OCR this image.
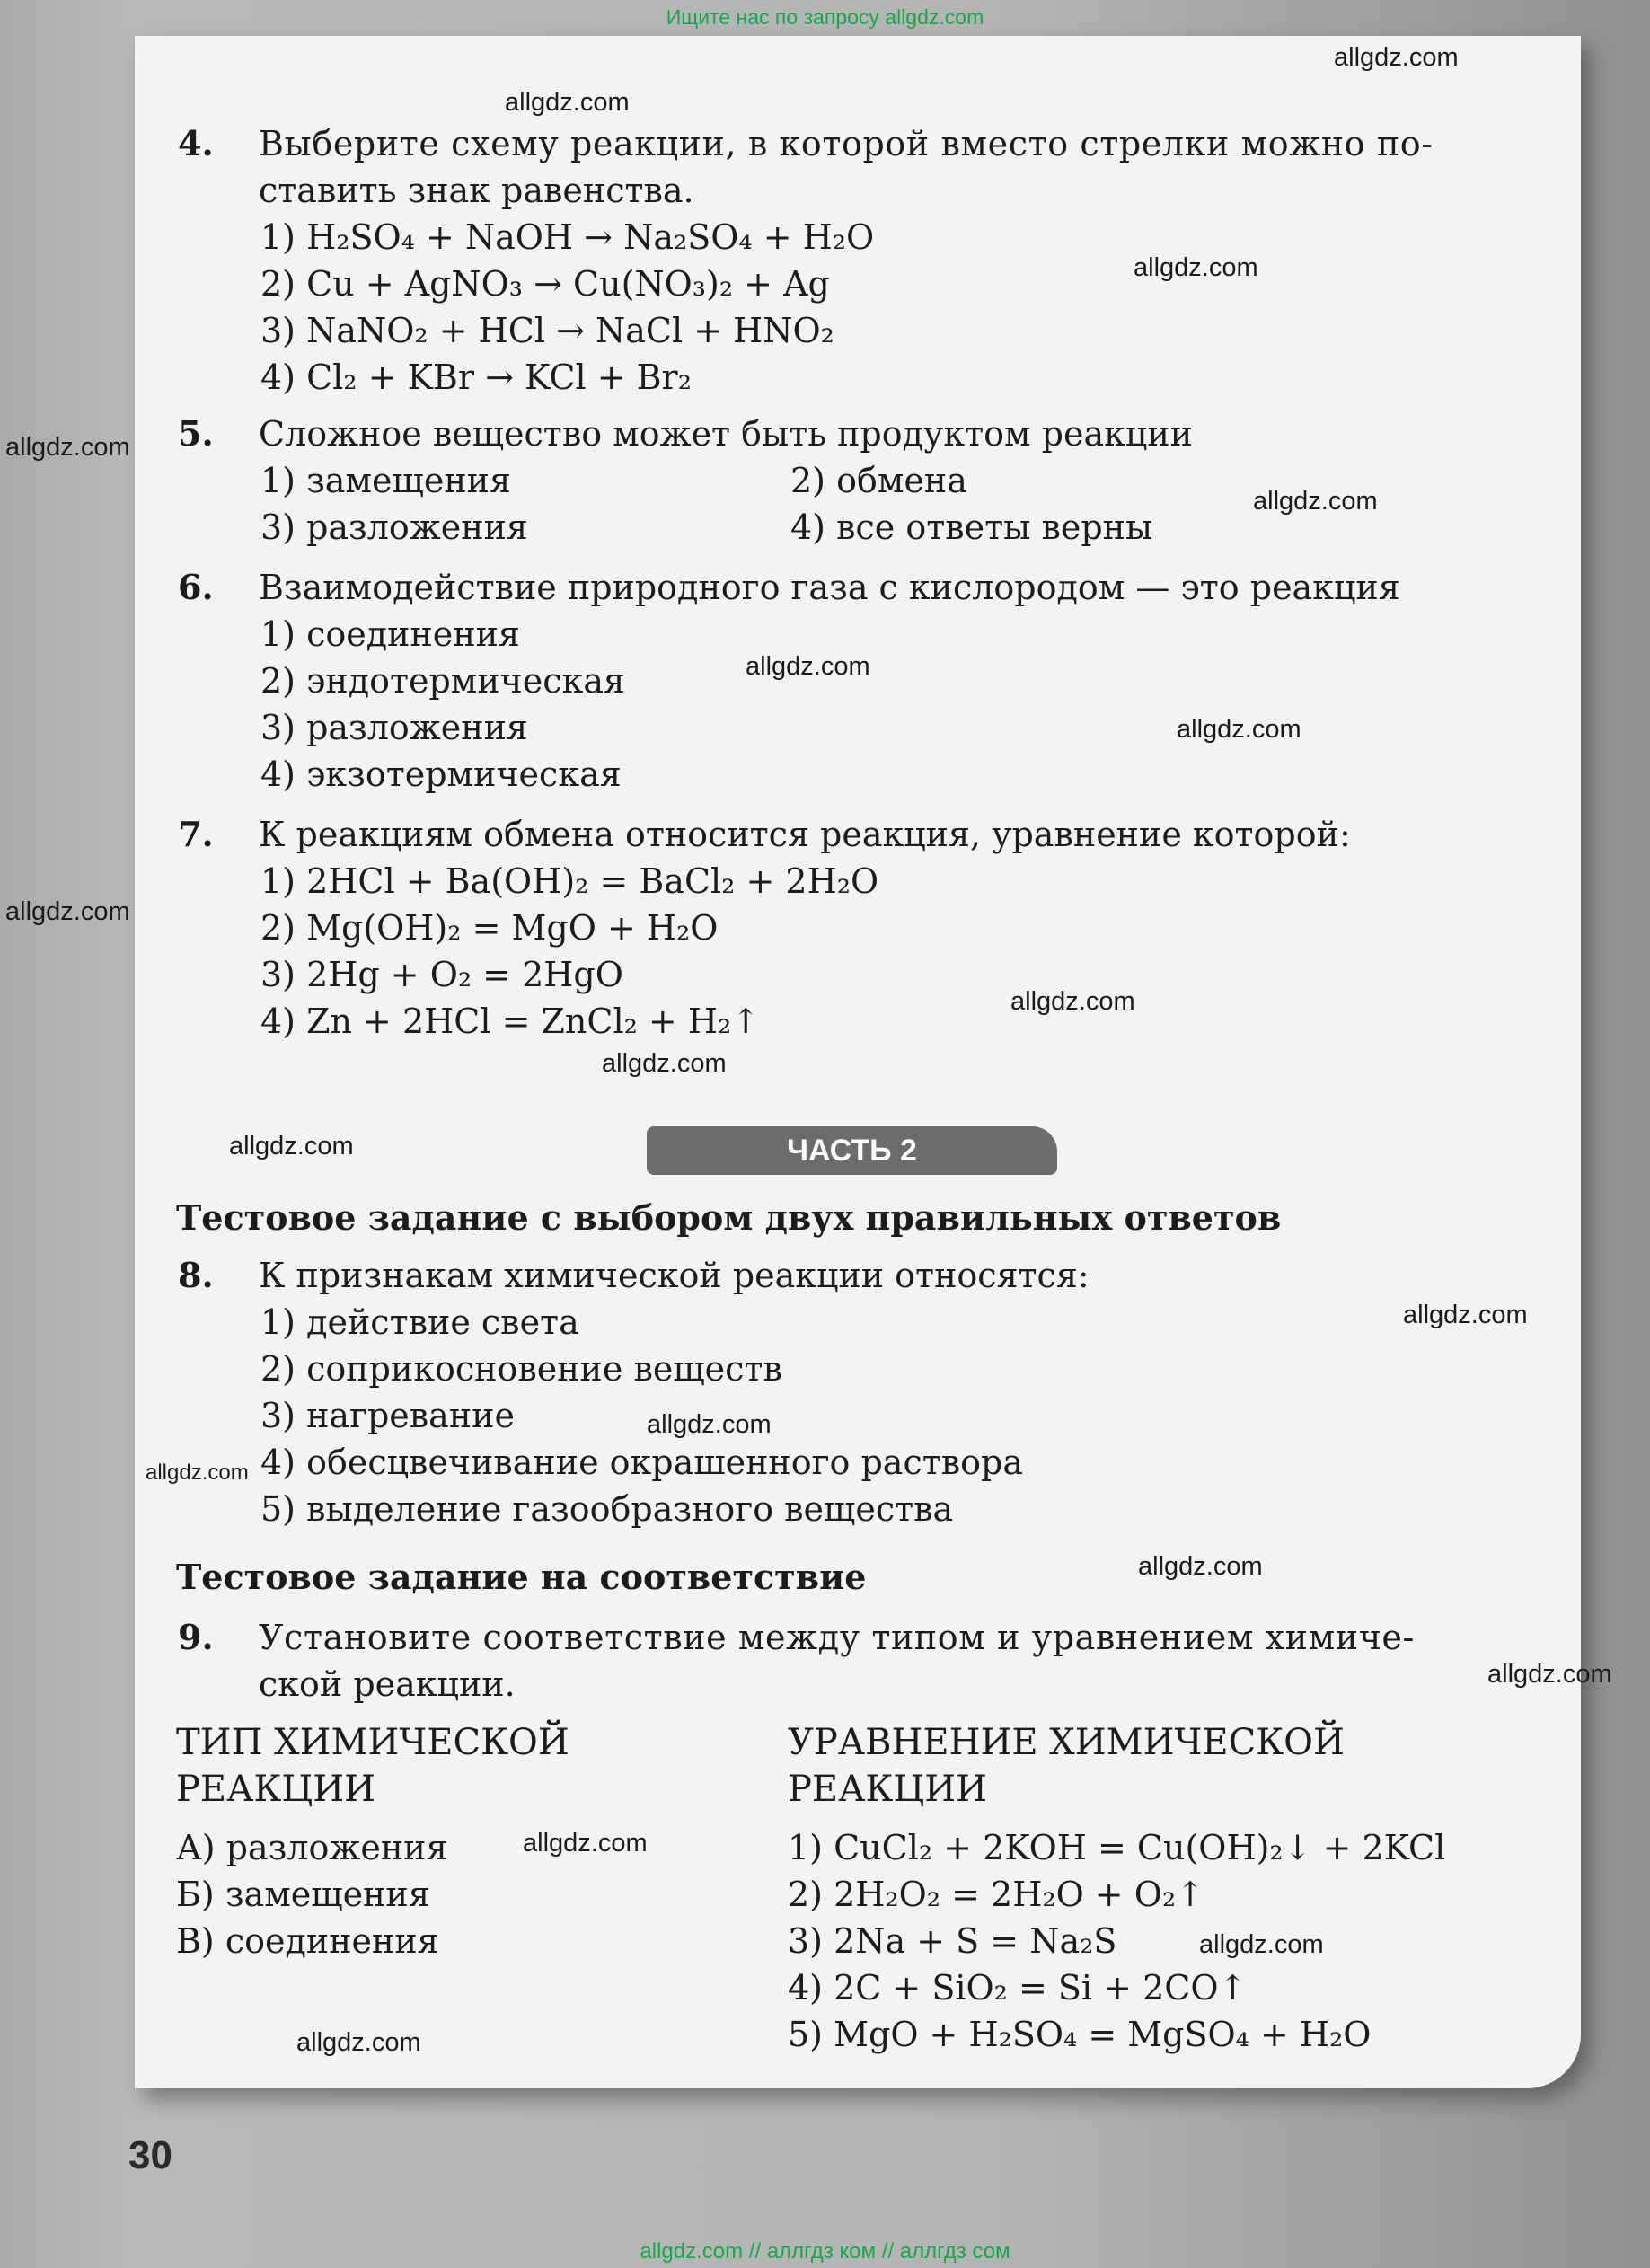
Ищите нас по запросу allgdz.com
4. Выберите схему реакции, в которой вместо стрелки можно по-
ставить знак равенства.
1) H₂SO₄ + NaOH → Na₂SO₄ + H₂O
2) Cu + AgNO₃ → Cu(NO₃)₂ + Ag
3) NaNO₂ + HCl → NaCl + HNO₂
4) Cl₂ + KBr → KCl + Br₂
5. Сложное вещество может быть продуктом реакции
1) замещения	2) обмена
3) разложения	4) все ответы верны
6. Взаимодействие природного газа с кислородом — это реакция
1) соединения
2) эндотермическая
3) разложения
4) экзотермическая
7. К реакциям обмена относится реакция, уравнение которой:
1) 2HCl + Ba(OH)₂ = BaCl₂ + 2H₂O
2) Mg(OH)₂ = MgO + H₂O
3) 2Hg + O₂ = 2HgO
4) Zn + 2HCl = ZnCl₂ + H₂↑
ЧАСТЬ 2
Тестовое задание с выбором двух правильных ответов
8. К признакам химической реакции относятся:
1) действие света
2) соприкосновение веществ
3) нагревание
4) обесцвечивание окрашенного раствора
5) выделение газообразного вещества
Тестовое задание на соответствие
9. Установите соответствие между типом и уравнением химиче-
ской реакции.
ТИП ХИМИЧЕСКОЙ
РЕАКЦИИ
УРАВНЕНИЕ ХИМИЧЕСКОЙ
РЕАКЦИИ
А) разложения
Б) замещения
В) соединения
1) CuCl₂ + 2KOH = Cu(OH)₂↓ + 2KCl
2) 2H₂O₂ = 2H₂O + O₂↑
3) 2Na + S = Na₂S
4) 2C + SiO₂ = Si + 2CO↑
5) MgO + H₂SO₄ = MgSO₄ + H₂O
30
allgdz.com
allgdz.com
allgdz.com
allgdz.com
allgdz.com
allgdz.com
allgdz.com
allgdz.com
allgdz.com
allgdz.com
allgdz.com
allgdz.com
allgdz.com
allgdz.com
allgdz.com
allgdz.com
allgdz.com
allgdz.com
allgdz.com
allgdz.com // аллгдз ком // аллгдз сом
